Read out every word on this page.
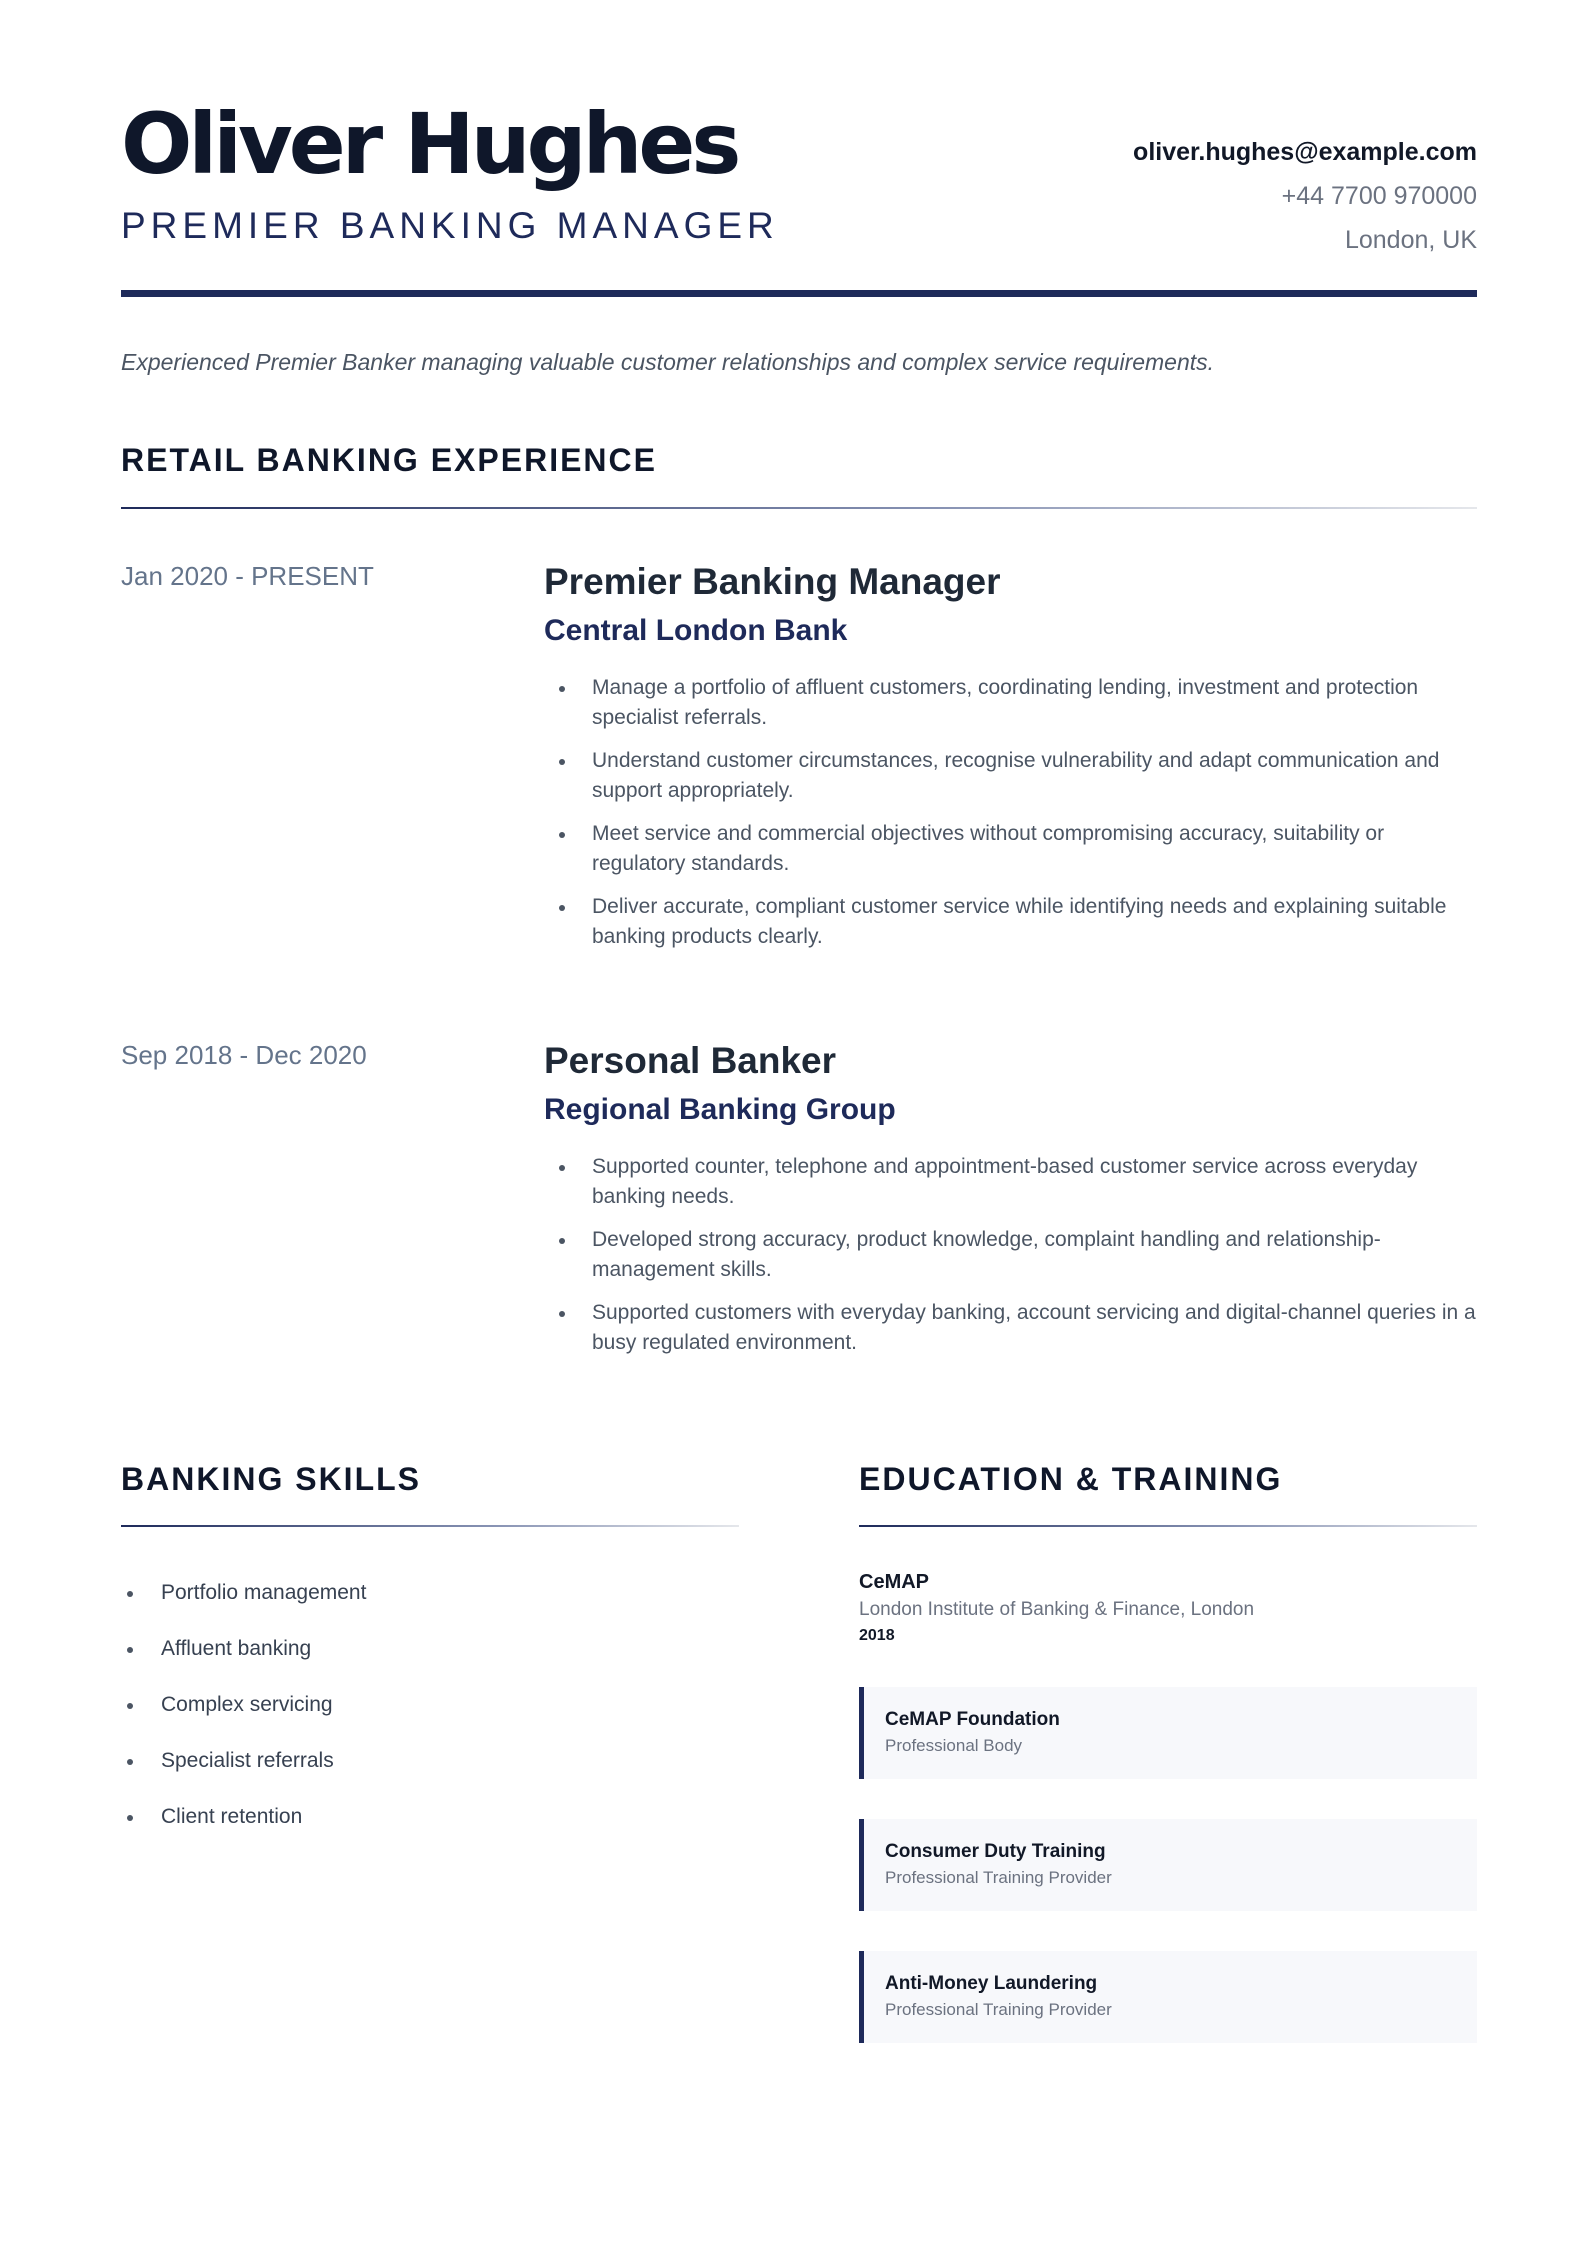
Oliver Hughes
PREMIER BANKING MANAGER
oliver.hughes@example.com
+44 7700 970000
London, UK
Experienced Premier Banker managing valuable customer relationships and complex service requirements.
RETAIL BANKING EXPERIENCE
Jan 2020 - PRESENT	Premier Banking Manager
Central London Bank
Manage a portfolio of affluent customers, coordinating lending, investment and protection specialist referrals.
Understand customer circumstances, recognise vulnerability and adapt communication and support appropriately.
Meet service and commercial objectives without compromising accuracy, suitability or regulatory standards.
Deliver accurate, compliant customer service while identifying needs and explaining suitable banking products clearly.
Sep 2018 - Dec 2020	Personal Banker
Regional Banking Group
Supported counter, telephone and appointment-based customer service across everyday banking needs.
Developed strong accuracy, product knowledge, complaint handling and relationship-management skills.
Supported customers with everyday banking, account servicing and digital-channel queries in a busy regulated environment.
BANKING SKILLS
Portfolio management
Affluent banking
Complex servicing
Specialist referrals
Client retention
EDUCATION & TRAINING
CeMAP
London Institute of Banking & Finance, London
2018
CeMAP Foundation
Professional Body
Consumer Duty Training
Professional Training Provider
Anti-Money Laundering
Professional Training Provider
